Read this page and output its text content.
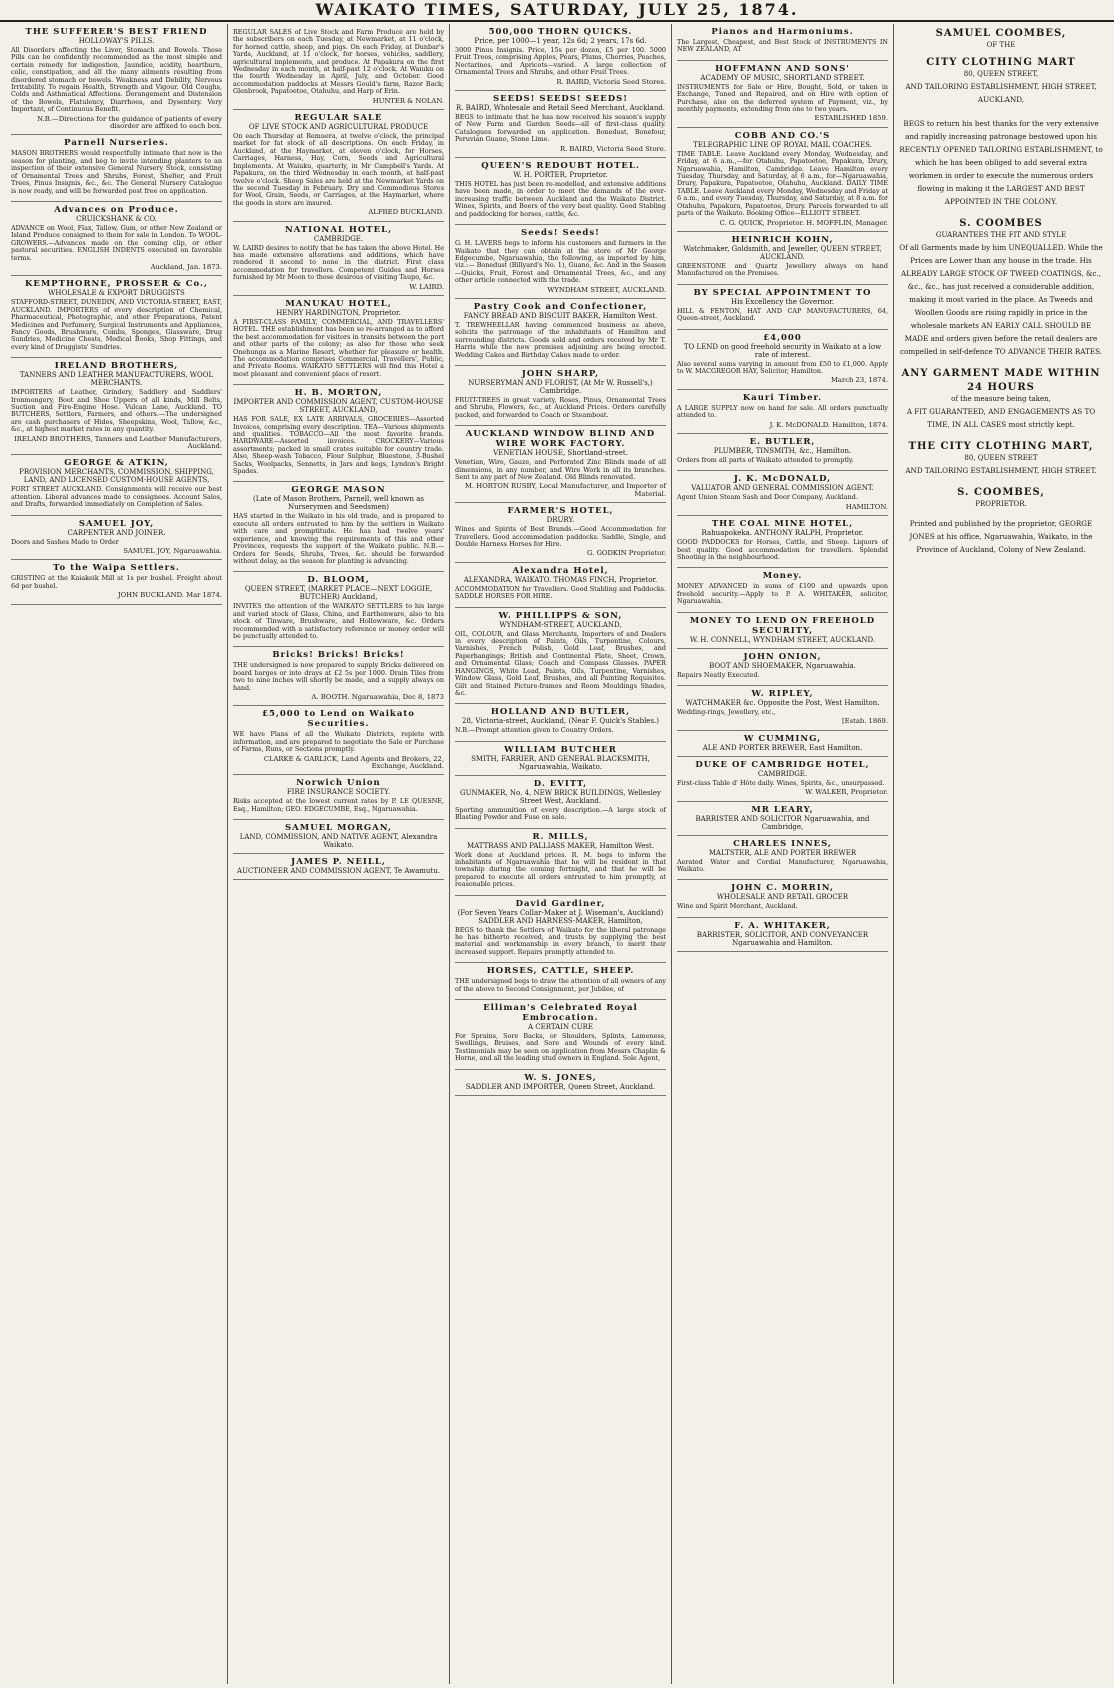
WAIKATO TIMES, SATURDAY, JULY 25, 1874.
THE SUFFERER'S BEST FRIEND
HOLLOWAY'S PILLS.
All Disorders affecting the Liver, Stomach and Bowels. These Pills can be confidently recommended as the most simple and certain remedy for indigestion, Jaundice, acidity, heartburn, colic, constipation, and all the many ailments resulting from disordered stomach or bowels. Weakness and Debility, Nervous Irritability. To regain Health, Strength and Vigour. Old Coughs, Colds and Asthmatical Affections. Derangement and Distension of the Bowels, Flatulency, Diarrhoea, and Dysentery. Very Important, of Continuous Benefit.
N.B.—Directions for the guidance of patients of every disorder are affixed to each box.
Parnell Nurseries.
MASON BROTHERS would respectfully intimate that now is the season for planting, and beg to invite intending planters to an inspection of their extensive General Nursery Stock, consisting of Ornamental Trees and Shrubs, Forest, Shelter, and Fruit Trees, Pinus Insignis, &c., &c. The General Nursery Catalogue is now ready, and will be forwarded post free on application.
Advances on Produce.
CRUICKSHANK & CO.
ADVANCE on Wool, Flax, Tallow, Gum, or other New Zealand or Island Produce consigned to them for sale in London. To WOOL-GROWERS.—Advances made on the coming clip, or other pastoral securities. ENGLISH INDENTS executed on favorable terms.
Auckland, Jan. 1873.
KEMPTHORNE, PROSSER & Co.,
WHOLESALE & EXPORT DRUGGISTS
STAFFORD-STREET, DUNEDIN, AND VICTORIA-STREET, EAST, AUCKLAND. IMPORTERS of every description of Chemical, Pharmaceutical, Photographic, and other Preparations, Patent Medicines and Perfumery, Surgical Instruments and Appliances, Fancy Goods, Brushware, Combs, Sponges, Glassware, Drug Sundries, Medicine Chests, Medical Books, Shop Fittings, and every kind of Druggists' Sundries.
IRELAND BROTHERS,
TANNERS AND LEATHER MANUFACTURERS, WOOL MERCHANTS.
IMPORTERS of Leather, Grindery, Saddlery and Saddlers' Ironmongery, Boot and Shoe Uppers of all kinds, Mill Belts, Suction and Fire-Engine Hose. Vulcan Lane, Auckland. TO BUTCHERS, Settlers, Farmers, and others.—The undersigned are cash purchasers of Hides, Sheepskins, Wool, Tallow, &c., &c., at highest market rates in any quantity.
IRELAND BROTHERS, Tanners and Leather Manufacturers, Auckland.
GEORGE & ATKIN,
PROVISION MERCHANTS, COMMISSION, SHIPPING, LAND, AND LICENSED CUSTOM-HOUSE AGENTS,
FORT STREET AUCKLAND. Consignments will receive our best attention. Liberal advances made to consignees. Account Sales, and Drafts, forwarded immediately on Completion of Sales.
SAMUEL JOY,
CARPENTER AND JOINER.
Doors and Sashes Made to Order
SAMUEL JOY, Ngaruawahia.
To the Waipa Settlers.
GRISTING at the Kaiakeik Mill at 1s per bushel. Freight about 6d per bushel.
JOHN BUCKLAND. Mar 1874.
REGULAR SALES of Live Stock and Farm Produce are held by the subscribers on each Tuesday, at Newmarket, at 11 o'clock, for horned cattle, sheep, and pigs. On each Friday, at Dunbar's Yards, Auckland, at 11 o'clock, for horses, vehicles, saddlery, agricultural implements, and produce. At Papakura on the first Wednesday in each month, at half-past 12 o'clock. At Waiuku on the fourth Wednesday in April, July, and October. Good accommodation paddocks at Messrs Gould's farm, Razor Back; Glenbrook, Papatoetoe, Otahuhu, and Harp of Erin.
HUNTER & NOLAN.
REGULAR SALE
OF LIVE STOCK AND AGRICULTURAL PRODUCE
On each Thursday at Remuera, at twelve o'clock, the principal market for fat stock of all descriptions. On each Friday, in Auckland, at the Haymarket, at eleven o'clock, for Horses, Carriages, Harness, Hay, Corn, Seeds and Agricultural Implements. At Waiuku, quarterly, in Mr Campbell's Yards. At Papakura, on the third Wednesday in each month, at half-past twelve o'clock. Sheep Sales are held at the Newmarket Yards on the second Tuesday in February. Dry and Commodious Stores for Wool, Grain, Seeds, or Carriages, at the Haymarket, where the goods in store are insured.
ALFRED BUCKLAND.
NATIONAL HOTEL,
CAMBRIDGE.
W. LAIRD desires to notify that he has taken the above Hotel. He has made extensive alterations and additions, which have rendered it second to none in the district. First class accommodation for travellers. Competent Guides and Horses furnished by Mr Moon to those desirous of visiting Taupo, &c.
W. LAIRD.
MANUKAU HOTEL,
HENRY HARDINGTON, Proprietor.
A FIRST-CLASS FAMILY, COMMERCIAL, AND TRAVELLERS' HOTEL. THE establishment has been so re-arranged as to afford the best accommodation for visitors in transits between the port and other parts of the colony; as also for those who seek Onehunga as a Marine Resort, whether for pleasure or health. The accommodation comprises Commercial, Travellers', Public, and Private Rooms. WAIKATO SETTLERS will find this Hotel a most pleasant and convenient place of resort.
H. B. MORTON,
IMPORTER AND COMMISSION AGENT, CUSTOM-HOUSE STREET, AUCKLAND,
HAS FOR SALE, EX LATE ARRIVALS, GROCERIES—Assorted Invoices, comprising every description. TEA—Various shipments and qualities. TOBACCO—All the most favorite brands. HARDWARE—Assorted invoices. CROCKERY—Various assortments; packed in small crates suitable for country trade. Also, Sheep-wash Tobacco, Flour Sulphur, Bluestone, 3-Bushel Sacks, Woolpacks, Sennetts, in Jars and kegs, Lyndon's Bright Spades.
GEORGE MASON
(Late of Mason Brothers, Parnell, well known as Nurserymen and Seedsmen)
HAS started in the Waikato in his old trade, and is prepared to execute all orders entrusted to him by the settlers in Waikato with care and promptitude. He has had twelve years' experience, and knowing the requirements of this and other Provinces, requests the support of the Waikato public. N.B.—Orders for Seeds, Shrubs, Trees, &c. should be forwarded without delay, as the season for planting is advancing.
D. BLOOM,
QUEEN STREET, (MARKET PLACE—NEXT LOGGIE, BUTCHER) Auckland,
INVITES the attention of the WAIKATO SETTLERS to his large and varied stock of Glass, China, and Earthenware, also to his stock of Tinware, Brushware, and Hollowware, &c. Orders recommended with a satisfactory reference or money order will be punctually attended to.
Bricks! Bricks! Bricks!
THE undersigned is now prepared to supply Bricks delivered on board barges or into drays at £2 5s per 1000. Drain Tiles from two to nine inches will shortly be made, and a supply always on hand.
A. BOOTH. Ngaruawahia, Dec 8, 1873
£5,000 to Lend on Waikato Securities.
WE have Plans of all the Waikato Districts, replete with information, and are prepared to negotiate the Sale or Purchase of Farms, Runs, or Sections promptly.
CLARKE & GARLICK, Land Agents and Brokers, 22, Exchange, Auckland.
Norwich Union
FIRE INSURANCE SOCIETY.
Risks accepted at the lowest current rates by P. LE QUESNE, Esq., Hamilton; GEO. EDGECUMBE, Esq., Ngaruawahia.
SAMUEL MORGAN,
LAND, COMMISSION, AND NATIVE AGENT, Alexandra Waikato.
JAMES P. NEILL,
AUCTIONEER AND COMMISSION AGENT, Te Awamutu.
500,000 THORN QUICKS.
Price, per 1000—1 year, 12s 6d; 2 years, 17s 6d.
3000 Pinus Insignis. Price, 15s per dozen, £5 per 100. 5000 Fruit Trees, comprising Apples, Pears, Plums, Cherries, Peaches, Nectarines, and Apricots—varied. A large collection of Ornamental Trees and Shrubs, and other Fruit Trees.
R. BAIRD, Victoria Seed Stores.
SEEDS! SEEDS! SEEDS!
R. BAIRD, Wholesale and Retail Seed Merchant, Auckland.
BEGS to intimate that he has now received his season's supply of New Farm and Garden Seeds—all of first-class quality. Catalogues forwarded on application. Bonedust, Bonefour, Peruvian Guano, Stone Lime.
R. BAIRD, Victoria Seed Store.
QUEEN'S REDOUBT HOTEL.
W. H. PORTER, Proprietor.
THIS HOTEL has just been re-modelled, and extensive additions have been made, in order to meet the demands of the ever-increasing traffic between Auckland and the Waikato District. Wines, Spirits, and Beers of the very best quality. Good Stabling and paddocking for horses, cattle, &c.
Seeds! Seeds!
G. H. LAVERS begs to inform his customers and farmers in the Waikato that they can obtain at the store of Mr George Edgecumbe, Ngaruawahia, the following, as imported by him, viz.:— Bonedust (Billyard's No. 1), Guano, &c. And in the Season—Quicks, Fruit, Forest and Ornamental Trees, &c., and any other article connected with the trade.
WYNDHAM STREET, AUCKLAND.
Pastry Cook and Confectioner,
FANCY BREAD AND BISCUIT BAKER, Hamilton West.
T. TREWHEELLAR having commenced business as above, solicits the patronage of the inhabitants of Hamilton and surrounding districts. Goods sold and orders received by Mr T. Harris while the new premises adjoining are being erected. Wedding Cakes and Birthday Cakes made to order.
JOHN SHARP,
NURSERYMAN AND FLORIST, (At Mr W. Russell's,) Cambridge.
FRUIT-TREES in great variety, Roses, Pinus, Ornamental Trees and Shrubs, Flowers, &c., at Auckland Prices. Orders carefully packed, and forwarded to Coach or Steamboat.
AUCKLAND WINDOW BLIND AND WIRE WORK FACTORY.
VENETIAN HOUSE, Shortland-street.
Venetian, Wire, Gauze, and Perforated Zinc Blinds made of all dimensions, in any number, and Wire Work in all its branches. Sent to any part of New Zealand. Old Blinds renovated.
M. HORTON RUSBY, Local Manufacturer, and Importer of Material.
FARMER'S HOTEL,
DRURY.
Wines and Spirits of Best Brands.—Good Accommodation for Travellers. Good accommodation paddocks. Saddle, Single, and Double Harness Horses for Hire.
G. GODKIN Proprietor.
Alexandra Hotel,
ALEXANDRA, WAIKATO. THOMAS FINCH, Proprietor.
ACCOMMODATION for Travellers. Good Stabling and Paddocks. SADDLE HORSES FOR HIRE.
W. PHILLIPPS & SON,
WYNDHAM-STREET, AUCKLAND,
OIL, COLOUR, and Glass Merchants, Importers of and Dealers in every description of Paints, Oils, Turpentine, Colours, Varnishes, French Polish, Gold Leaf, Brushes, and Paperhangings; British and Continental Plate, Sheet, Crown, and Ornamental Glass; Coach and Compass Glasses. PAPER HANGINGS, White Lead, Paints, Oils, Turpentine, Varnishes, Window Glass, Gold Leaf, Brushes, and all Painting Requisites. Gilt and Stained Picture-frames and Room Mouldings Shades, &c.
HOLLAND AND BUTLER,
28, Victoria-street, Auckland, (Near F. Quick's Stables.)
N.B.—Prompt attention given to Country Orders.
WILLIAM BUTCHER
SMITH, FARRIER, AND GENERAL BLACKSMITH, Ngaruawahia, Waikato.
D. EVITT,
GUNMAKER, No. 4, NEW BRICK BUILDINGS, Wellesley Street West, Auckland.
Sporting ammunition of every description.—A large stock of Blasting Powder and Fuse on sale.
R. MILLS,
MATTRASS AND PALLIASS MAKER, Hamilton West.
Work done at Auckland prices. R. M. begs to inform the inhabitants of Ngaruawahia that he will be resident in that township during the coming fortnight, and that he will be prepared to execute all orders entrusted to him promptly, at reasonable prices.
David Gardiner,
(For Seven Years Collar-Maker at J. Wiseman's, Auckland) SADDLER AND HARNESS-MAKER, Hamilton,
BEGS to thank the Settlers of Waikato for the liberal patronage he has hitherto received, and trusts by supplying the best material and workmanship in every branch, to merit their increased support. Repairs promptly attended to.
HORSES, CATTLE, SHEEP.
THE undersigned begs to draw the attention of all owners of any of the above to Second Consignment, per Jubilee, of
Elliman's Celebrated Royal Embrocation.
A CERTAIN CURE
For Sprains, Sore Backs, or Shoulders, Splints, Lameness, Swellings, Bruises, and Sore and Wounds of every kind. Testimonials may be seen on application from Messrs Chaplin & Horne, and all the leading stud owners in England. Sole Agent,
W. S. JONES,
SADDLER AND IMPORTER, Queen Street, Auckland.
Pianos and Harmoniums.
The Largest, Cheapest, and Best Stock of INSTRUMENTS IN NEW ZEALAND, AT
HOFFMANN AND SONS'
ACADEMY OF MUSIC, SHORTLAND STREET.
INSTRUMENTS for Sale or Hire, Bought, Sold, or taken in Exchange, Tuned and Repaired, and on Hire with option of Purchase, also on the deferred system of Payment, viz., by monthly payments, extending from one to two years.
ESTABLISHED 1859.
COBB AND CO.'S
TELEGRAPHIC LINE OF ROYAL MAIL COACHES.
TIME TABLE. Leave Auckland every Monday, Wednesday, and Friday, at 6 a.m.,—for Otahuhu, Papatoetoe, Papakura, Drury, Ngaruawahia, Hamilton, Cambridge. Leave Hamilton every Tuesday, Thursday, and Saturday, at 6 a.m., for—Ngaruawahia, Drury, Papakura, Papatoetoe, Otahuhu, Auckland. DAILY TIME TABLE. Leave Auckland every Monday, Wednesday and Friday at 6 a.m., and every Tuesday, Thursday, and Saturday, at 8 a.m. for Otahuhu, Papakura, Papatoetoe, Drury. Parcels forwarded to all parts of the Waikato. Booking Office—ELLIOTT STREET.
C. G. QUICK, Proprietor. H. MOFFLIN, Manager.
HEINRICH KOHN,
Watchmaker, Goldsmith, and Jeweller, QUEEN STREET, AUCKLAND.
GREENSTONE and Quartz Jewellery always on hand Manufactured on the Premises.
BY SPECIAL APPOINTMENT TO
His Excellency the Governor.
HILL & FENTON, HAT AND CAP MANUFACTURERS, 64, Queen-street, Auckland.
£4,000
TO LEND on good freehold security in Waikato at a low rate of interest.
Also several sums varying in amount from £50 to £1,000. Apply to W. MACGREGOR HAY, Solicitor, Hamilton.
March 23, 1874.
Kauri Timber.
A LARGE SUPPLY now on hand for sale. All orders punctually attended to.
J. K. McDONALD. Hamilton, 1874.
E. BUTLER,
PLUMBER, TINSMITH, &c., Hamilton.
Orders from all parts of Waikato attended to promptly.
J. K. McDONALD,
VALUATOR AND GENERAL COMMISSION AGENT.
Agent Union Steam Sash and Door Company, Auckland.
HAMILTON.
THE COAL MINE HOTEL,
Rahuapokeka. ANTHONY RALPH, Proprietor.
GOOD PADDOCKS for Horses, Cattle, and Sheep. Liquors of best quality. Good accommodation for travellers. Splendid Shooting in the neighbourhood.
Money.
MONEY ADVANCED in sums of £100 and upwards upon freehold security.—Apply to P. A. WHITAKER, solicitor, Ngaruawahia.
MONEY TO LEND ON FREEHOLD SECURITY,
W. H. CONNELL, WYNDHAM STREET, AUCKLAND.
JOHN ONION,
BOOT AND SHOEMAKER, Ngaruawahia.
Repairs Neatly Executed.
W. RIPLEY,
WATCHMAKER &c. Opposite the Post, West Hamilton.
Wedding-rings, Jewellery, etc.,
[Estab. 1869.
W CUMMING,
ALE AND PORTER BREWER, East Hamilton.
DUKE OF CAMBRIDGE HOTEL,
CAMBRIDGE.
First-class Table d' Hôte daily. Wines, Spirits, &c., unsurpassed.
W. WALKER, Proprietor.
MR LEARY,
BARRISTER AND SOLICITOR Ngaruawahia, and Cambridge,
CHARLES INNES,
MALTSTER, ALE AND PORTER BREWER
Aerated Water and Cordial Manufacturer, Ngaruawahia, Waikato.
JOHN C. MORRIN,
WHOLESALE AND RETAIL GROCER
Wine and Spirit Merchant, Auckland.
F. A. WHITAKER,
BARRISTER, SOLICITOR, AND CONVEYANCER Ngaruawahia and Hamilton.
SAMUEL COOMBES,
OF THE
CITY CLOTHING MART
80, QUEEN STREET,
AND TAILORING ESTABLISHMENT, HIGH STREET, AUCKLAND,
BEGS to return his best thanks for the very extensive and rapidly increasing patronage bestowed upon his RECENTLY OPENED TAILORING ESTABLISHMENT, to which he has been obliged to add several extra workmen in order to execute the numerous orders flowing in making it the LARGEST AND BEST APPOINTED IN THE COLONY.
S. COOMBES
GUARANTEES THE FIT AND STYLE
Of all Garments made by him UNEQUALLED. While the Prices are Lower than any house in the trade. His ALREADY LARGE STOCK OF TWEED COATINGS, &c., &c., &c., has just received a considerable addition, making it most varied in the place. As Tweeds and Woollen Goods are rising rapidly in price in the wholesale markets AN EARLY CALL SHOULD BE MADE and orders given before the retail dealers are compelled in self-defence TO ADVANCE THEIR RATES.
ANY GARMENT MADE WITHIN 24 HOURS
of the measure being taken,
A FIT GUARANTEED, AND ENGAGEMENTS AS TO TIME, IN ALL CASES most strictly kept.
THE CITY CLOTHING MART,
80, QUEEN STREET
AND TAILORING ESTABLISHMENT, HIGH STREET.
S. COOMBES,
PROPRIETOR.
Printed and published by the proprietor, GEORGE JONES at his office, Ngaruawahia, Waikato, in the Province of Auckland, Colony of New Zealand.
